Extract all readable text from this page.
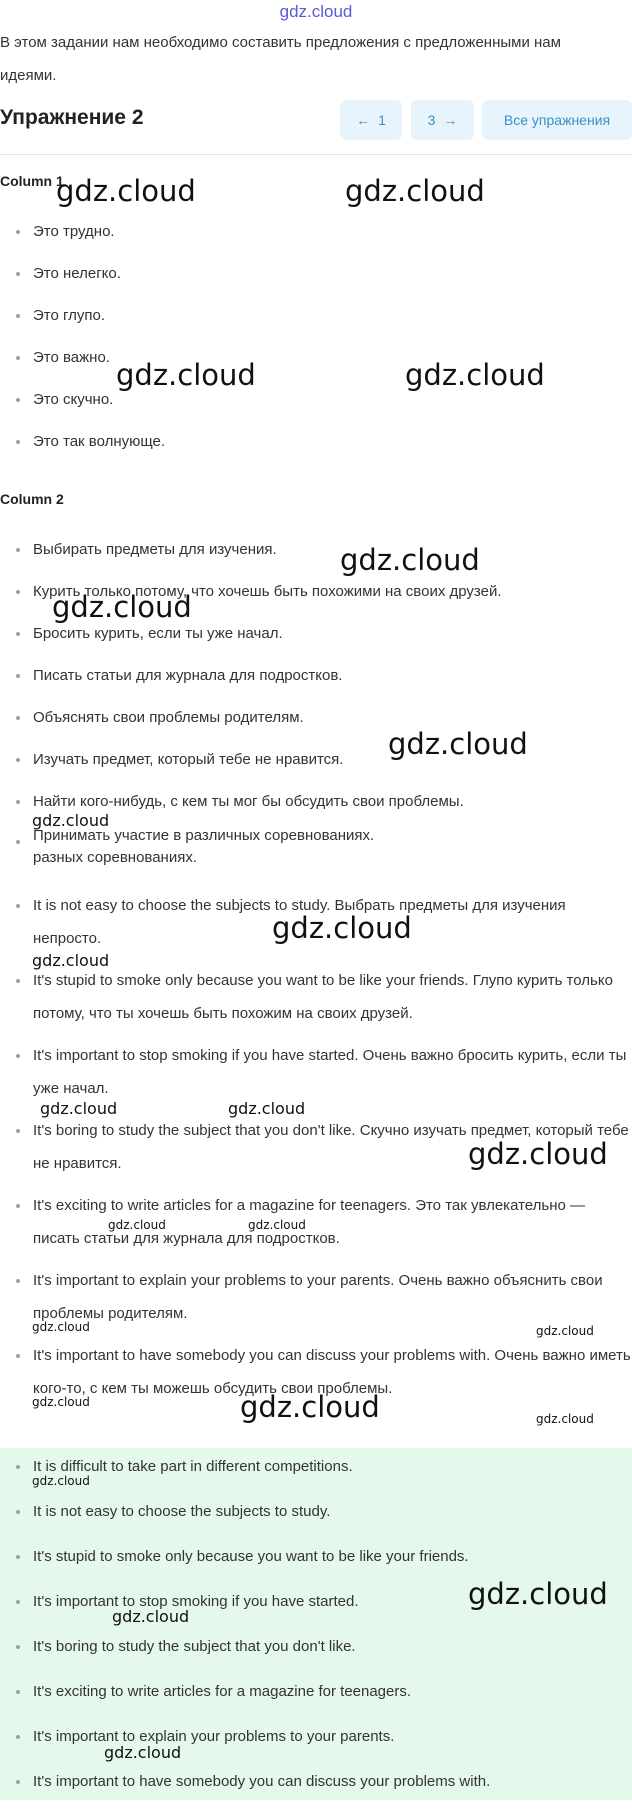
gdz.cloud
В этом задании нам необходимо составить предложения с предложенными нам идеями.
Упражнение 2	← 1	3 →	Все упражнения
Column 1
Это трудно.
Это нелегко.
Это глупо.
Это важно.
Это скучно.
Это так волнующе.
Column 2
Выбирать предметы для изучения.
Курить только потому, что хочешь быть похожими на своих друзей.
Бросить курить, если ты уже начал.
Писать статьи для журнала для подростков.
Объяснять свои проблемы родителям.
Изучать предмет, который тебе не нравится.
Найти кого-нибудь, с кем ты мог бы обсудить свои проблемы.
Принимать участие в различных соревнованиях.
разных соревнованиях.
It is not easy to choose the subjects to study. Выбрать предметы для изучения непросто.
It's stupid to smoke only because you want to be like your friends. Глупо курить только потому, что ты хочешь быть похожим на своих друзей.
It's important to stop smoking if you have started. Очень важно бросить курить, если ты уже начал.
It's boring to study the subject that you don't like. Скучно изучать предмет, который тебе не нравится.
It's exciting to write articles for a magazine for teenagers. Это так увлекательно — писать статьи для журнала для подростков.
It's important to explain your problems to your parents. Очень важно объяснить свои проблемы родителям.
It's important to have somebody you can discuss your problems with. Очень важно иметь кого-то, с кем ты можешь обсудить свои проблемы.
It is difficult to take part in different competitions.
It is not easy to choose the subjects to study.
It's stupid to smoke only because you want to be like your friends.
It's important to stop smoking if you have started.
It's boring to study the subject that you don't like.
It's exciting to write articles for a magazine for teenagers.
It's important to explain your problems to your parents.
It's important to have somebody you can discuss your problems with.
gdz.cloud	gdz.cloud
gdz.cloud	gdz.cloud
gdz.cloud
gdz.cloud
gdz.cloud
gdz.cloud
gdz.cloud
gdz.cloud
gdz.cloud	gdz.cloud
gdz.cloud
gdz.cloud	gdz.cloud
gdz.cloud	gdz.cloud
gdz.cloud	gdz.cloud	gdz.cloud
gdz.cloud
gdz.cloud
gdz.cloud
gdz.cloud
